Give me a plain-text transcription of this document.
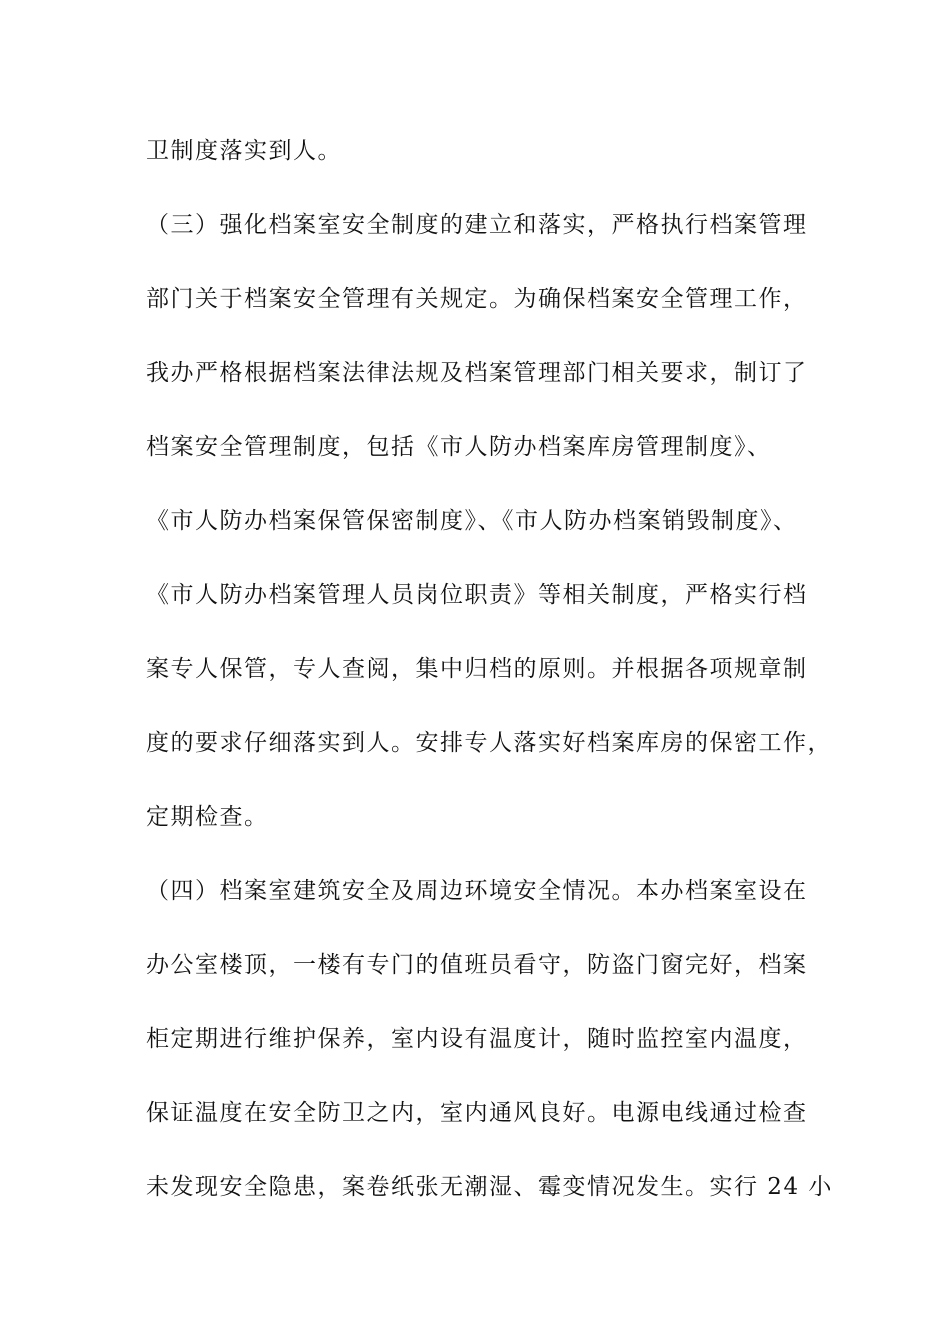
卫制度落实到人。
（三）强化档案室安全制度的建立和落实，严格执行档案管理
部门关于档案安全管理有关规定。为确保档案安全管理工作，
我办严格根据档案法律法规及档案管理部门相关要求，制订了
档案安全管理制度，包括《市人防办档案库房管理制度》、
《市人防办档案保管保密制度》、《市人防办档案销毁制度》、
《市人防办档案管理人员岗位职责》等相关制度，严格实行档
案专人保管，专人查阅，集中归档的原则。并根据各项规章制
度的要求仔细落实到人。安排专人落实好档案库房的保密工作，
定期检查。
（四）档案室建筑安全及周边环境安全情况。本办档案室设在
办公室楼顶，一楼有专门的值班员看守，防盗门窗完好，档案
柜定期进行维护保养，室内设有温度计，随时监控室内温度，
保证温度在安全防卫之内，室内通风良好。电源电线通过检查
未发现安全隐患，案卷纸张无潮湿、霉变情况发生。实行 24 小
